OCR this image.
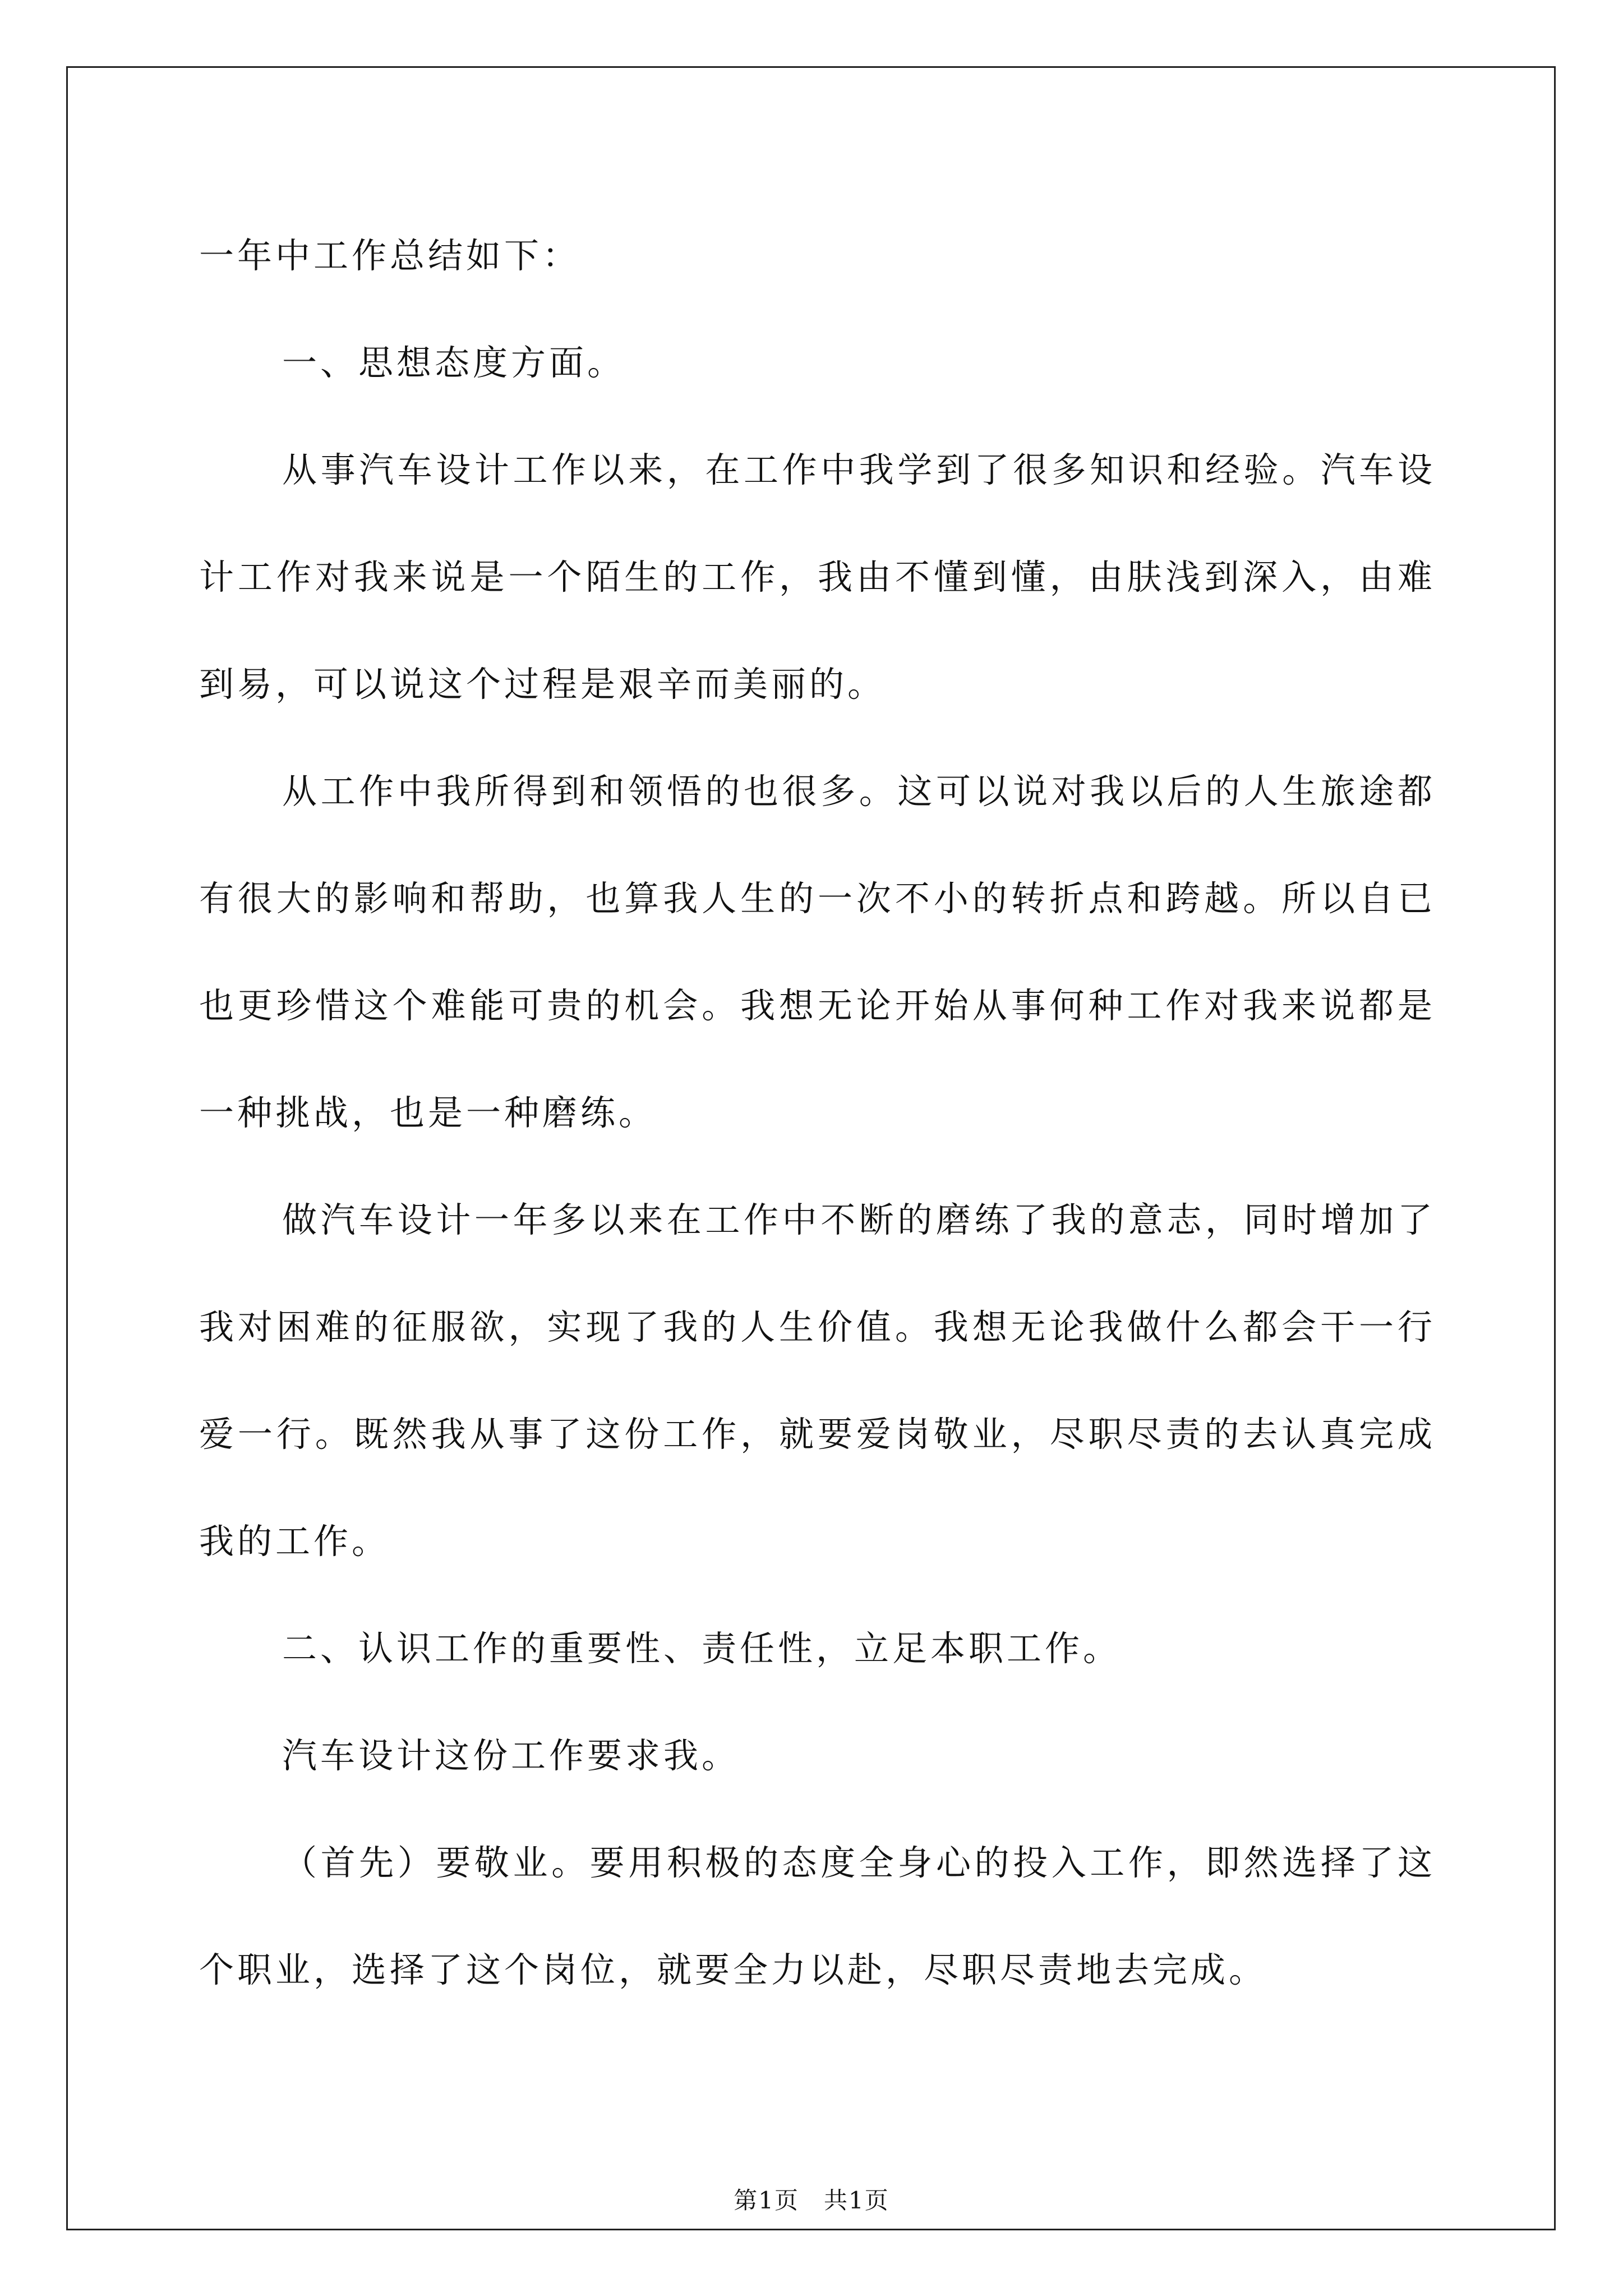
一年中工作总结如下：

一、思想态度方面。

从事汽车设计工作以来，在工作中我学到了很多知识和经验。汽车设计工作对我来说是一个陌生的工作，我由不懂到懂，由肤浅到深入，由难到易，可以说这个过程是艰辛而美丽的。

从工作中我所得到和领悟的也很多。这可以说对我以后的人生旅途都有很大的影响和帮助，也算我人生的一次不小的转折点和跨越。所以自已也更珍惜这个难能可贵的机会。我想无论开始从事何种工作对我来说都是一种挑战，也是一种磨练。

做汽车设计一年多以来在工作中不断的磨练了我的意志，同时增加了我对困难的征服欲，实现了我的人生价值。我想无论我做什么都会干一行爱一行。既然我从事了这份工作，就要爱岗敬业，尽职尽责的去认真完成我的工作。

二、认识工作的重要性、责任性，立足本职工作。

汽车设计这份工作要求我。

（首先）要敬业。要用积极的态度全身心的投入工作，即然选择了这个职业，选择了这个岗位，就要全力以赴，尽职尽责地去完成。

第1页　共1页
